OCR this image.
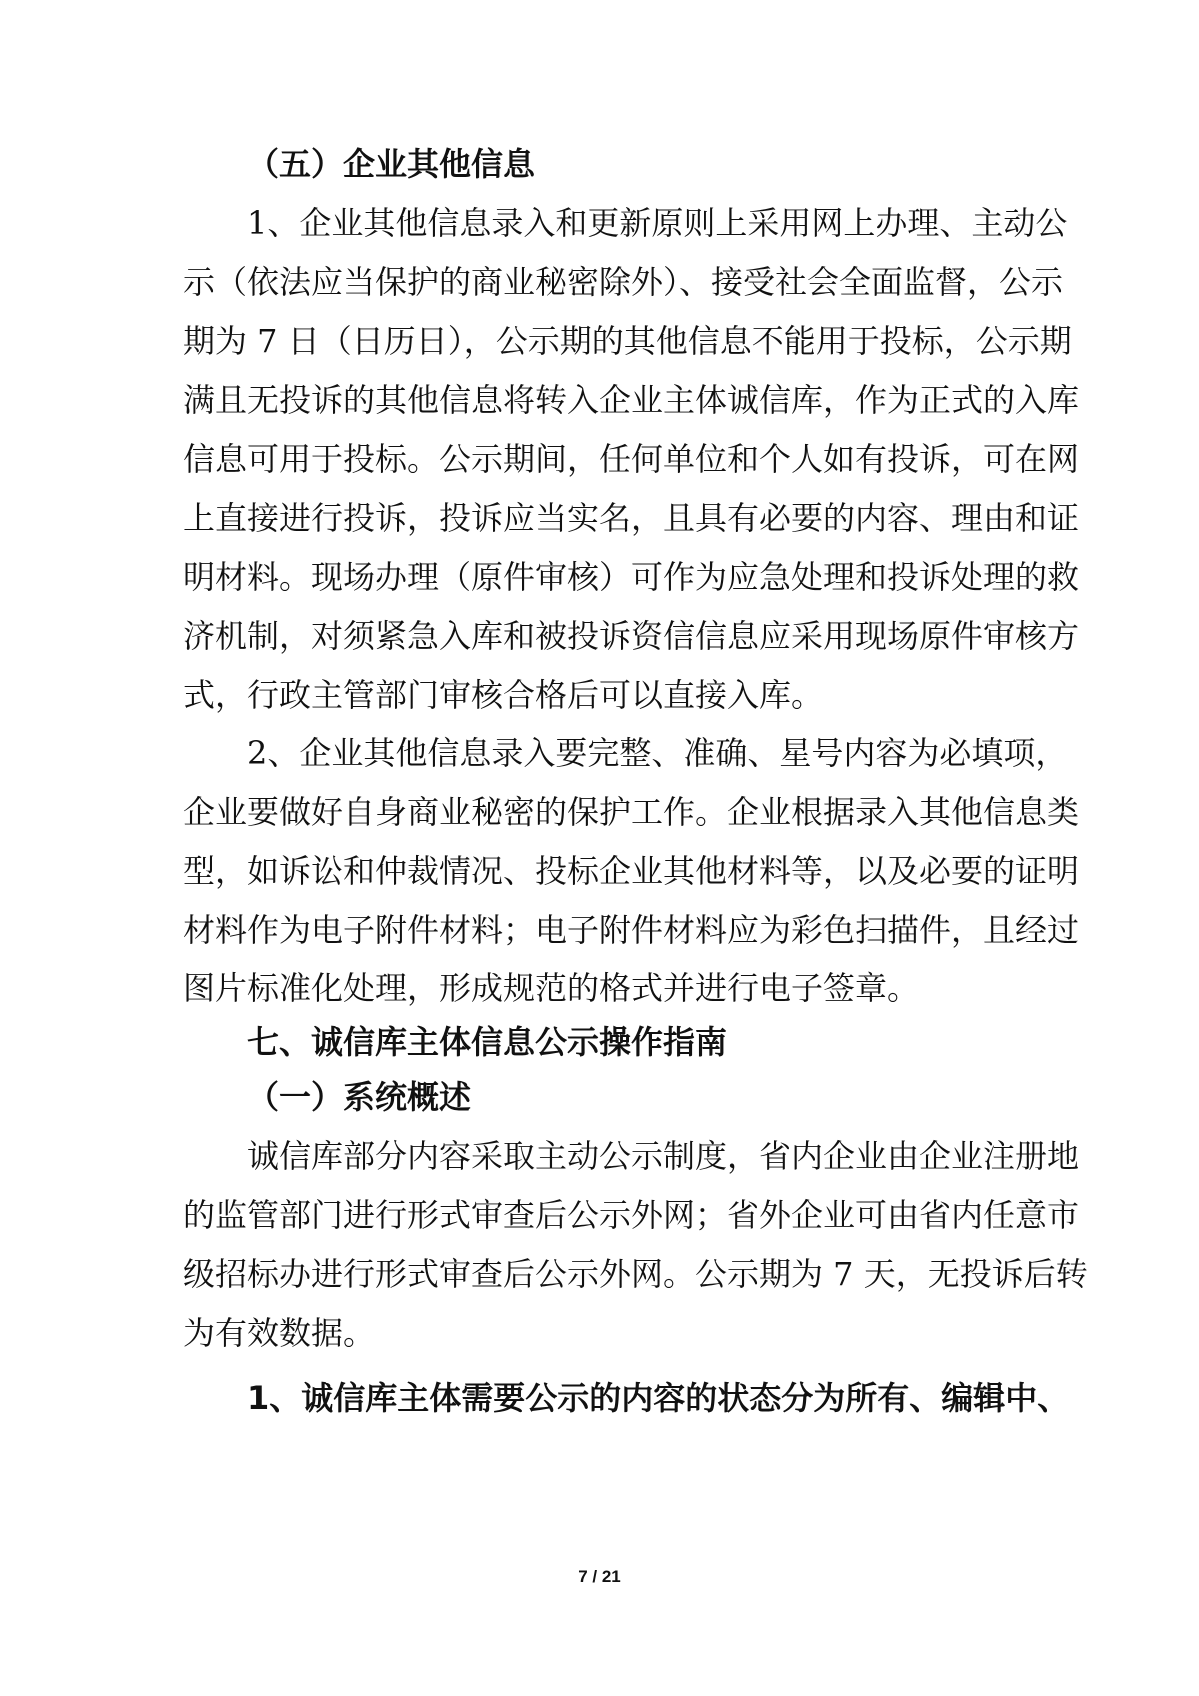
（五）企业其他信息
1、企业其他信息录入和更新原则上采用网上办理、主动公
示（依法应当保护的商业秘密除外）、接受社会全面监督，公示
期为 7 日（日历日），公示期的其他信息不能用于投标，公示期
满且无投诉的其他信息将转入企业主体诚信库，作为正式的入库
信息可用于投标。公示期间，任何单位和个人如有投诉，可在网
上直接进行投诉，投诉应当实名，且具有必要的内容、理由和证
明材料。现场办理（原件审核）可作为应急处理和投诉处理的救
济机制，对须紧急入库和被投诉资信信息应采用现场原件审核方
式，行政主管部门审核合格后可以直接入库。
2、企业其他信息录入要完整、准确、星号内容为必填项，
企业要做好自身商业秘密的保护工作。企业根据录入其他信息类
型，如诉讼和仲裁情况、投标企业其他材料等，以及必要的证明
材料作为电子附件材料；电子附件材料应为彩色扫描件，且经过
图片标准化处理，形成规范的格式并进行电子签章。
七、诚信库主体信息公示操作指南
（一）系统概述
诚信库部分内容采取主动公示制度，省内企业由企业注册地
的监管部门进行形式审查后公示外网；省外企业可由省内任意市
级招标办进行形式审查后公示外网。公示期为 7 天，无投诉后转
为有效数据。
1、诚信库主体需要公示的内容的状态分为所有、编辑中、
7 / 21
